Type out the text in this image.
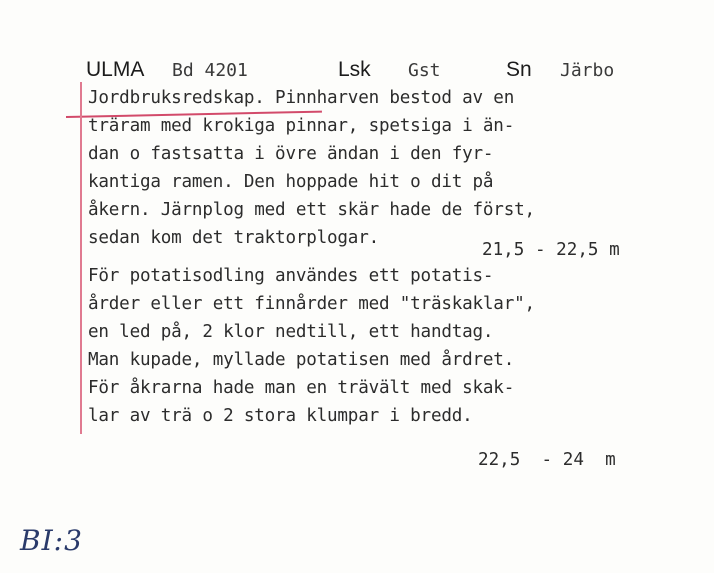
ULMA Bd 4201	Lsk Gst	Sn Järbo
Jordbruksredskap. Pinnharven bestod av en
träram med krokiga pinnar, spetsiga i än-
dan o fastsatta i övre ändan i den fyr-
kantiga ramen. Den hoppade hit o dit på
åkern. Järnplog med ett skär hade de först,
sedan kom det traktorplogar.
För potatisodling användes ett potatis-
årder eller ett finnårder med "träskaklar",
en led på, 2 klor nedtill, ett handtag.
Man kupade, myllade potatisen med årdret.
För åkrarna hade man en trävält med skak-
lar av trä o 2 stora klumpar i bredd.
21,5 - 22,5 m
22,5  - 24  m
BI:3
